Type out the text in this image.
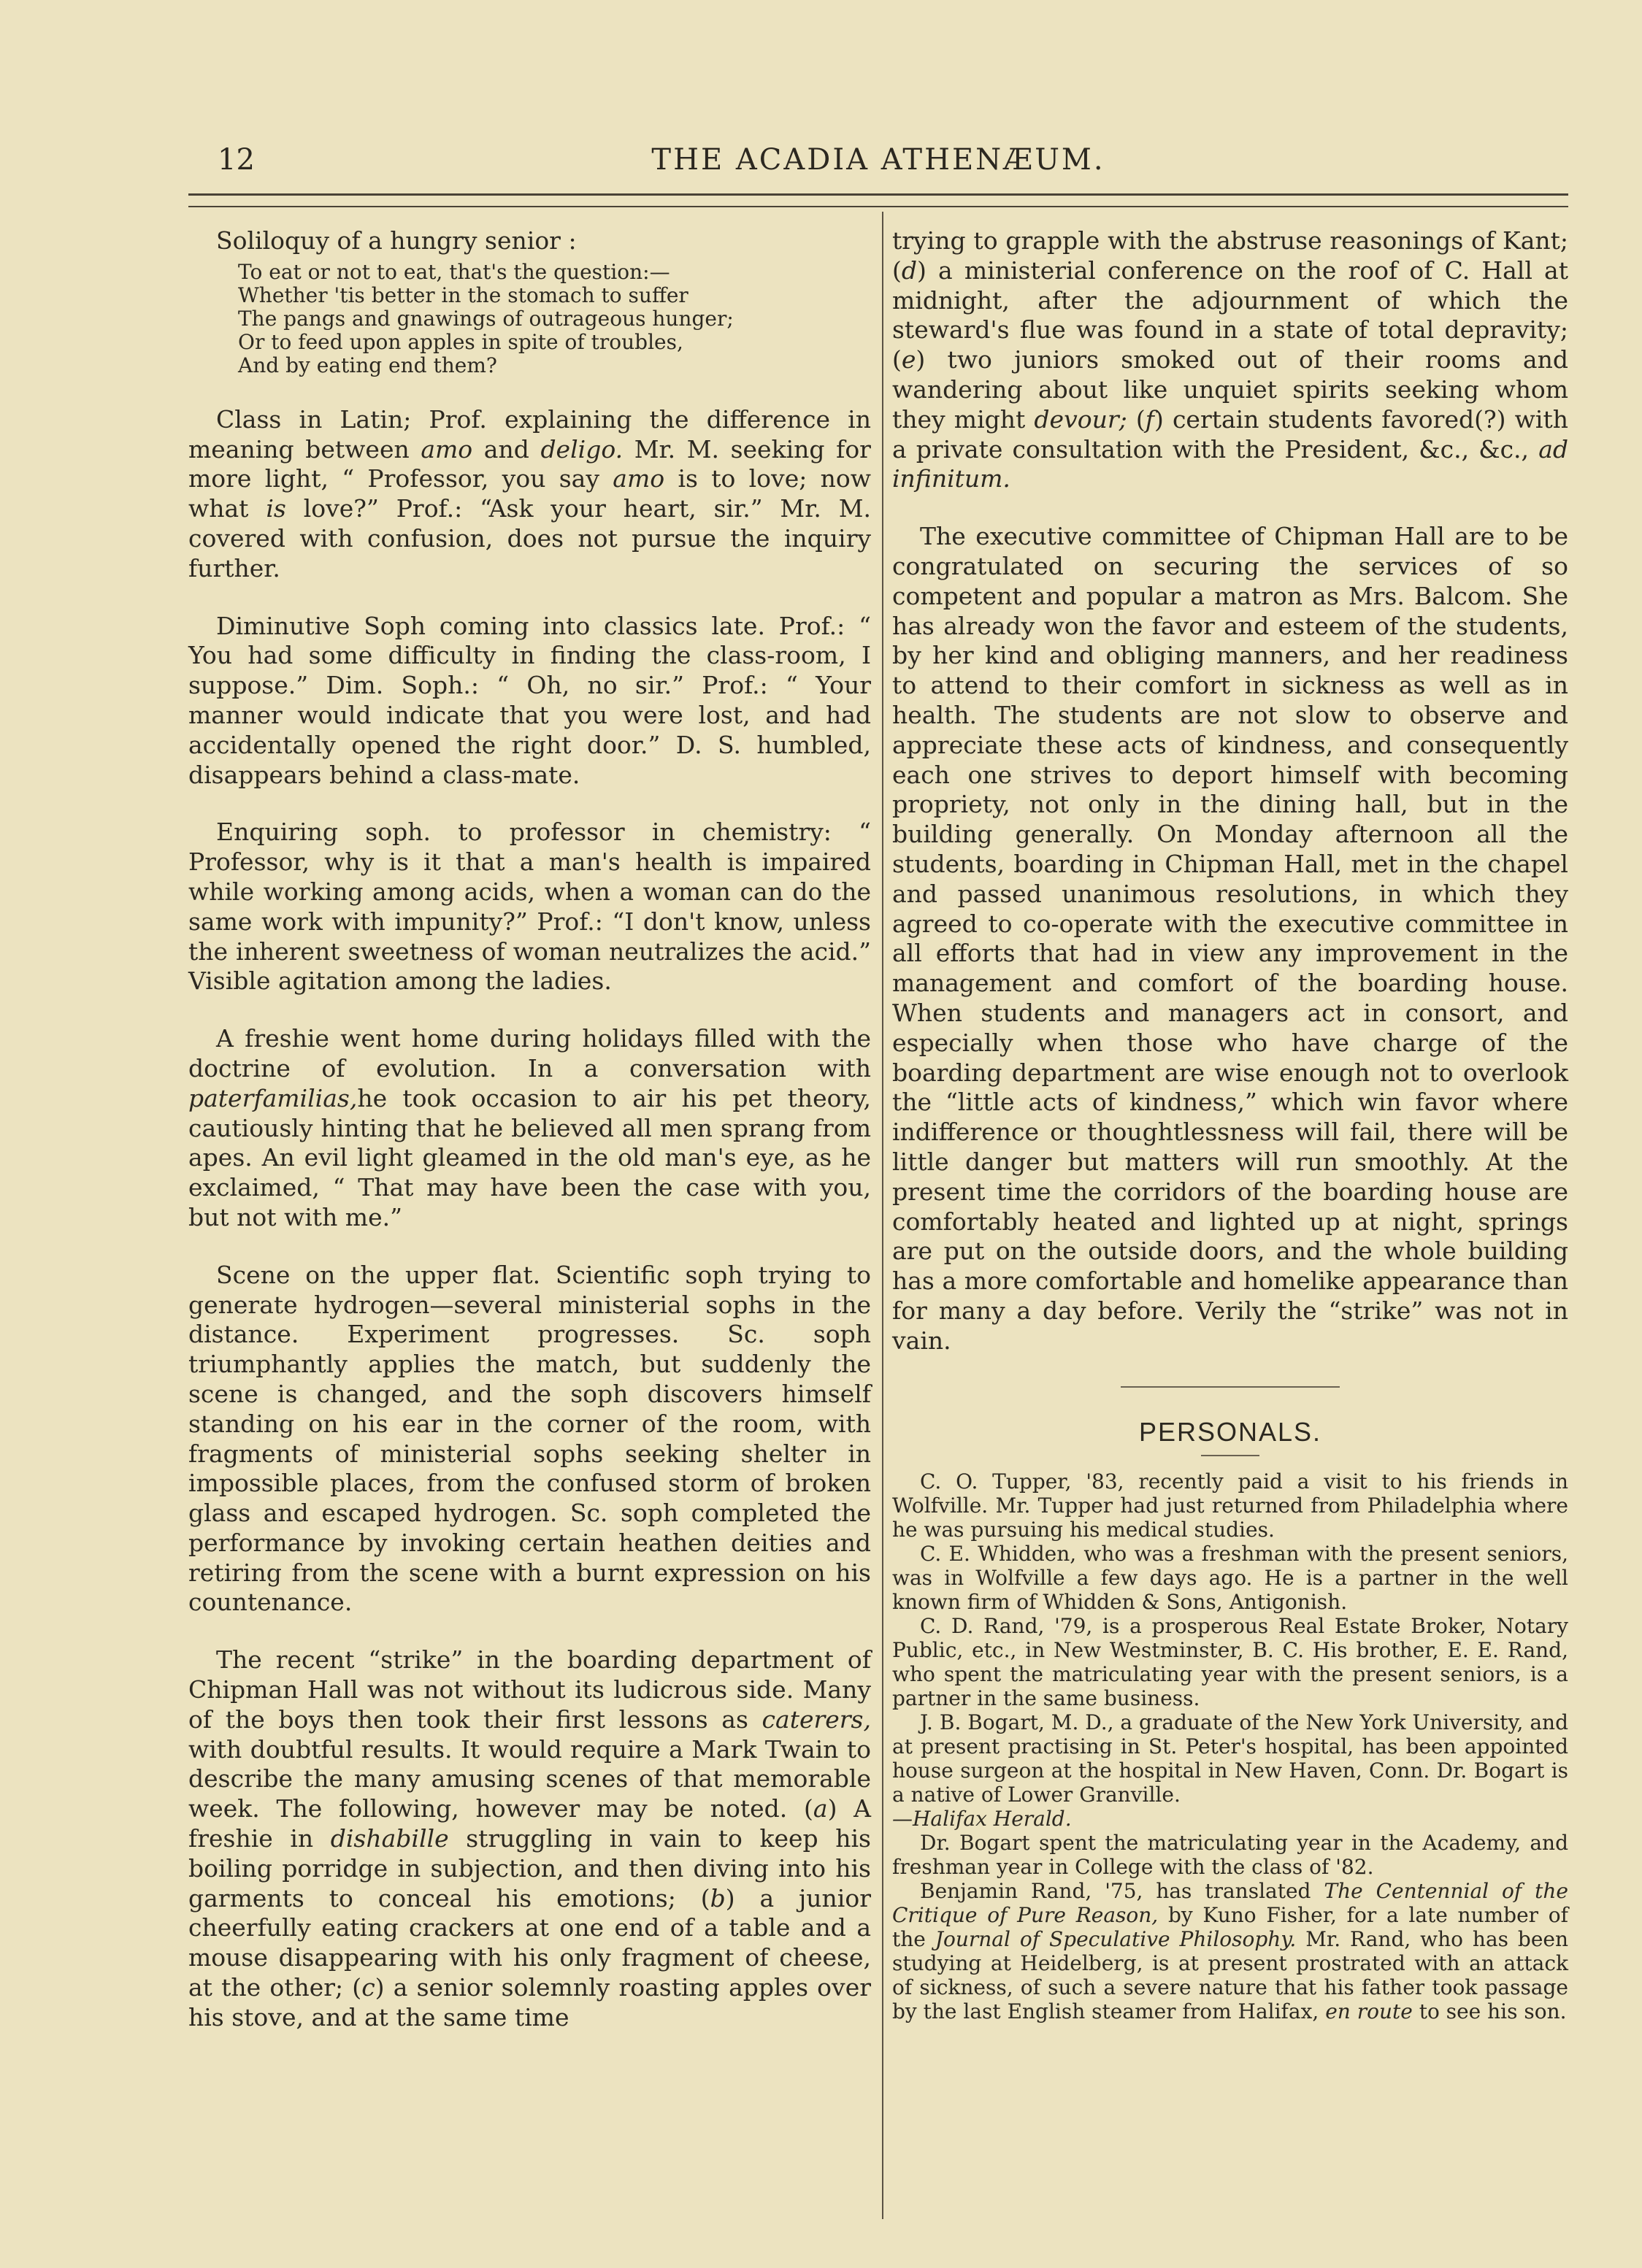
12	THE ACADIA ATHENÆUM.

Soliloquy of a hungry senior :

To eat or not to eat, that's the question:—
Whether 'tis better in the stomach to suffer
The pangs and gnawings of outrageous hunger;
Or to feed upon apples in spite of troubles,
And by eating end them?

Class in Latin; Prof. explaining the difference in meaning between amo and deligo. Mr. M. seeking for more light, “ Professor, you say amo is to love; now what is love?” Prof.: “Ask your heart, sir.” Mr. M. covered with confusion, does not pursue the inquiry further.

Diminutive Soph coming into classics late. Prof.: “ You had some difficulty in finding the class-room, I suppose.” Dim. Soph.: “ Oh, no sir.” Prof.: “ Your manner would indicate that you were lost, and had accidentally opened the right door.” D. S. humbled, disappears behind a class-mate.

Enquiring soph. to professor in chemistry: “ Professor, why is it that a man's health is impaired while working among acids, when a woman can do the same work with impunity?” Prof.: “I don't know, unless the inherent sweetness of woman neutralizes the acid.” Visible agitation among the ladies.

A freshie went home during holidays filled with the doctrine of evolution. In a conversation with paterfamilias,he took occasion to air his pet theory, cautiously hinting that he believed all men sprang from apes. An evil light gleamed in the old man's eye, as he exclaimed, “ That may have been the case with you, but not with me.”

Scene on the upper flat. Scientific soph trying to generate hydrogen—several ministerial sophs in the distance. Experiment progresses. Sc. soph triumphantly applies the match, but suddenly the scene is changed, and the soph discovers himself standing on his ear in the corner of the room, with fragments of ministerial sophs seeking shelter in impossible places, from the confused storm of broken glass and escaped hydrogen. Sc. soph completed the performance by invoking certain heathen deities and retiring from the scene with a burnt expression on his countenance.

The recent “strike” in the boarding department of Chipman Hall was not without its ludicrous side. Many of the boys then took their first lessons as caterers, with doubtful results. It would require a Mark Twain to describe the many amusing scenes of that memorable week. The following, however may be noted. (a) A freshie in dishabille struggling in vain to keep his boiling porridge in subjection, and then diving into his garments to conceal his emotions; (b) a junior cheerfully eating crackers at one end of a table and a mouse disappearing with his only fragment of cheese, at the other; (c) a senior solemnly roasting apples over his stove, and at the same time

trying to grapple with the abstruse reasonings of Kant; (d) a ministerial conference on the roof of C. Hall at midnight, after the adjournment of which the steward's flue was found in a state of total depravity; (e) two juniors smoked out of their rooms and wandering about like unquiet spirits seeking whom they might devour; (f) certain students favored(?) with a private consultation with the President, &c., &c., ad infinitum.

The executive committee of Chipman Hall are to be congratulated on securing the services of so competent and popular a matron as Mrs. Balcom. She has already won the favor and esteem of the students, by her kind and obliging manners, and her readiness to attend to their comfort in sickness as well as in health. The students are not slow to observe and appreciate these acts of kindness, and consequently each one strives to deport himself with becoming propriety, not only in the dining hall, but in the building generally. On Monday afternoon all the students, boarding in Chipman Hall, met in the chapel and passed unanimous resolutions, in which they agreed to co-operate with the executive committee in all efforts that had in view any improvement in the management and comfort of the boarding house. When students and managers act in consort, and especially when those who have charge of the boarding department are wise enough not to overlook the “little acts of kindness,” which win favor where indifference or thoughtlessness will fail, there will be little danger but matters will run smoothly. At the present time the corridors of the boarding house are comfortably heated and lighted up at night, springs are put on the outside doors, and the whole building has a more comfortable and homelike appearance than for many a day before. Verily the “strike” was not in vain.

PERSONALS.

C. O. Tupper, '83, recently paid a visit to his friends in Wolfville. Mr. Tupper had just returned from Philadelphia where he was pursuing his medical studies.

C. E. Whidden, who was a freshman with the present seniors, was in Wolfville a few days ago. He is a partner in the well known firm of Whidden & Sons, Antigonish.

C. D. Rand, '79, is a prosperous Real Estate Broker, Notary Public, etc., in New Westminster, B. C. His brother, E. E. Rand, who spent the matriculating year with the present seniors, is a partner in the same business.

J. B. Bogart, M. D., a graduate of the New York University, and at present practising in St. Peter's hospital, has been appointed house surgeon at the hospital in New Haven, Conn. Dr. Bogart is a native of Lower Granville.
—Halifax Herald.

Dr. Bogart spent the matriculating year in the Academy, and freshman year in College with the class of '82.

Benjamin Rand, '75, has translated The Centennial of the Critique of Pure Reason, by Kuno Fisher, for a late number of the Journal of Speculative Philosophy. Mr. Rand, who has been studying at Heidelberg, is at present prostrated with an attack of sickness, of such a severe nature that his father took passage by the last English steamer from Halifax, en route to see his son.
